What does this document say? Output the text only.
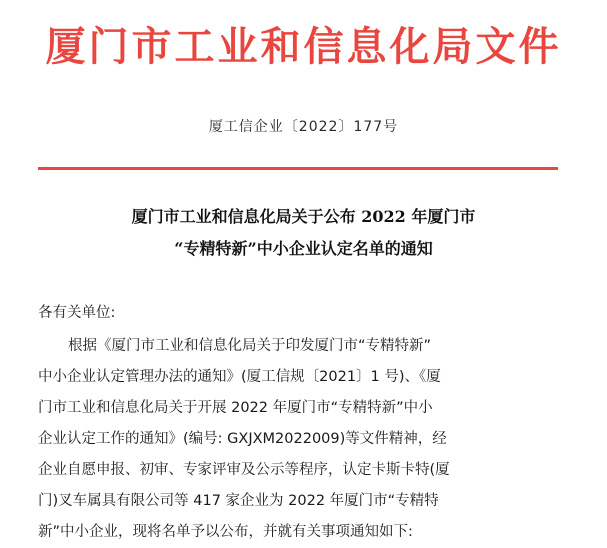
厦门市工业和信息化局文件
厦工信企业〔2022〕177号
厦门市工业和信息化局关于公布 2022 年厦门市
“专精特新”中小企业认定名单的通知
各有关单位:
根据《厦门市工业和信息化局关于印发厦门市“专精特新”
中小企业认定管理办法的通知》(厦工信规〔2021〕1 号)、《厦
门市工业和信息化局关于开展 2022 年厦门市“专精特新”中小
企业认定工作的通知》(编号: GXJXM2022009)等文件精神，经
企业自愿申报、初审、专家评审及公示等程序，认定卡斯卡特(厦
门)叉车属具有限公司等 417 家企业为 2022 年厦门市“专精特
新”中小企业，现将名单予以公布，并就有关事项通知如下:
